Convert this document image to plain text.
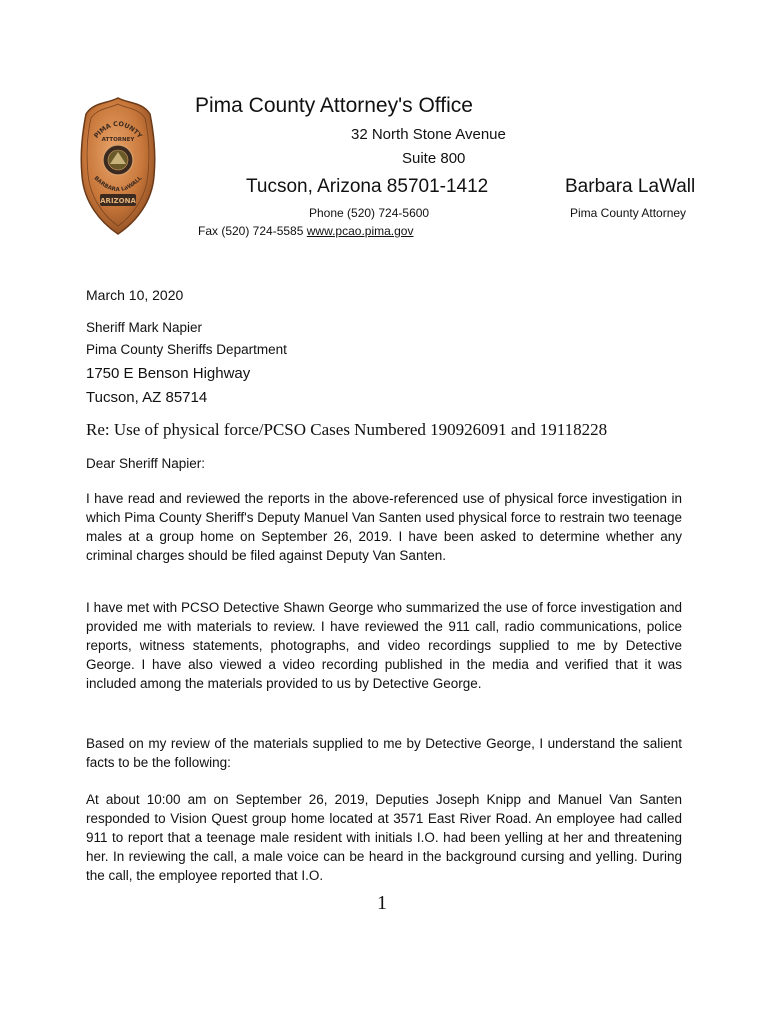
PIMA COUNTY
ATTORNEY
BARBARA LaWALL
ARIZONA
Pima County Attorney's Office
32 North Stone Avenue
Suite 800
Tucson, Arizona 85701-1412	Barbara LaWall
Phone (520) 724-5600	Pima County Attorney
Fax (520) 724-5585 www.pcao.pima.gov
March 10, 2020
Sheriff Mark Napier
Pima County Sheriffs Department
1750 E Benson Highway
Tucson, AZ 85714
Re: Use of physical force/PCSO Cases Numbered 190926091 and 19118228
Dear Sheriff Napier:

I have read and reviewed the reports in the above-referenced use of physical force investigation in which Pima County Sheriff's Deputy Manuel Van Santen used physical force to restrain two teenage males at a group home on September 26, 2019. I have been asked to determine whether any criminal charges should be filed against Deputy Van Santen.

I have met with PCSO Detective Shawn George who summarized the use of force investigation and provided me with materials to review. I have reviewed the 911 call, radio communications, police reports, witness statements, photographs, and video recordings supplied to me by Detective George. I have also viewed a video recording published in the media and verified that it was included among the materials provided to us by Detective George.

Based on my review of the materials supplied to me by Detective George, I understand the salient facts to be the following:

At about 10:00 am on September 26, 2019, Deputies Joseph Knipp and Manuel Van Santen responded to Vision Quest group home located at 3571 East River Road. An employee had called 911 to report that a teenage male resident with initials I.O. had been yelling at her and threatening her. In reviewing the call, a male voice can be heard in the background cursing and yelling. During the call, the employee reported that I.O.

1
